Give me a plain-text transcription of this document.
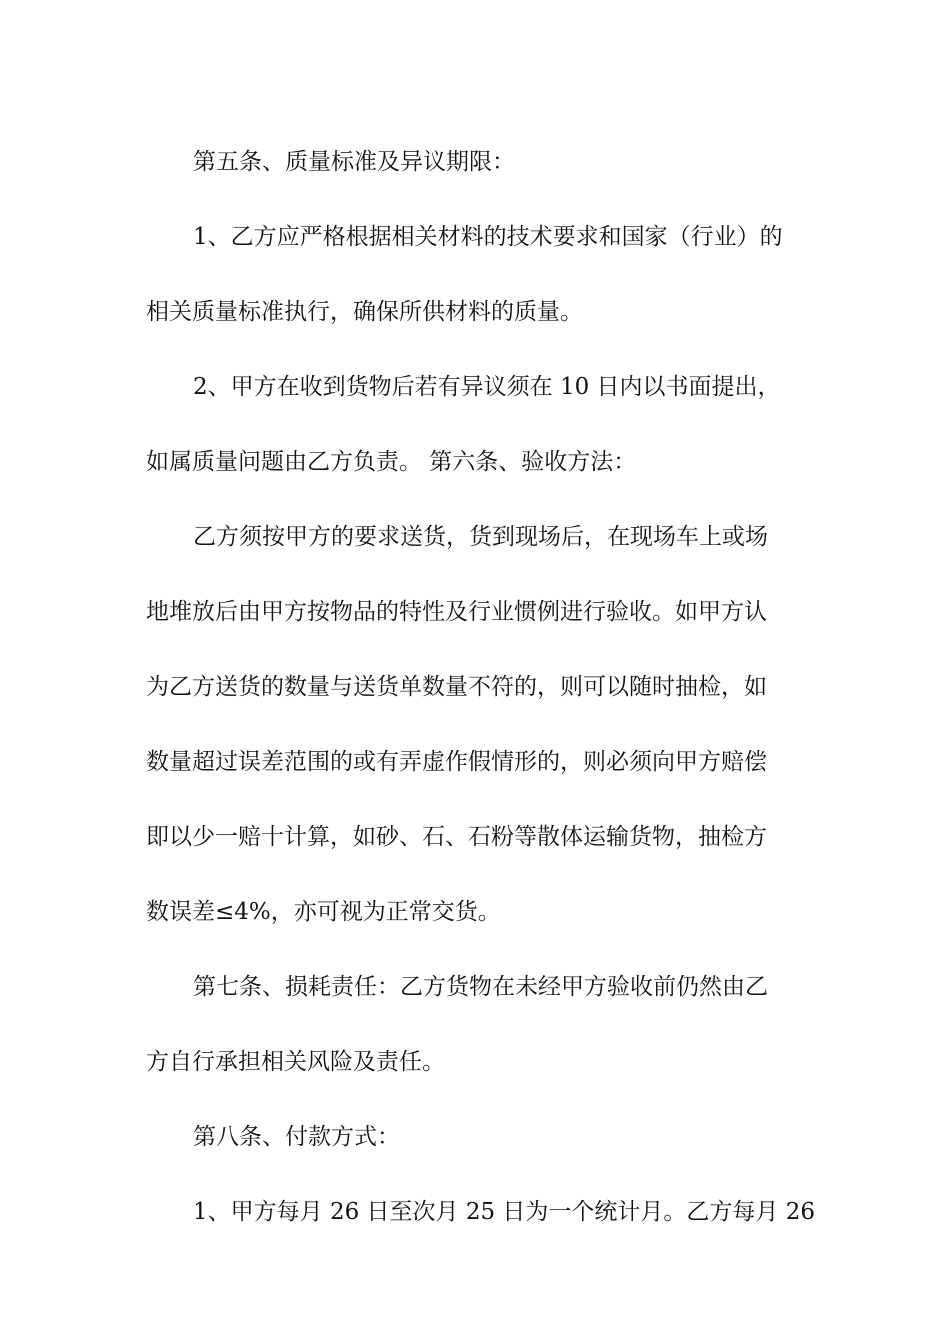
第五条、质量标准及异议期限：
1、乙方应严格根据相关材料的技术要求和国家（行业）的
相关质量标准执行，确保所供材料的质量。
2、甲方在收到货物后若有异议须在 10 日内以书面提出，
如属质量问题由乙方负责。 第六条、验收方法：
乙方须按甲方的要求送货，货到现场后，在现场车上或场
地堆放后由甲方按物品的特性及行业惯例进行验收。如甲方认
为乙方送货的数量与送货单数量不符的，则可以随时抽检，如
数量超过误差范围的或有弄虚作假情形的，则必须向甲方赔偿
即以少一赔十计算，如砂、石、石粉等散体运输货物，抽检方
数误差≤4%，亦可视为正常交货。
第七条、损耗责任：乙方货物在未经甲方验收前仍然由乙
方自行承担相关风险及责任。
第八条、付款方式：
1、甲方每月 26 日至次月 25 日为一个统计月。乙方每月 26
